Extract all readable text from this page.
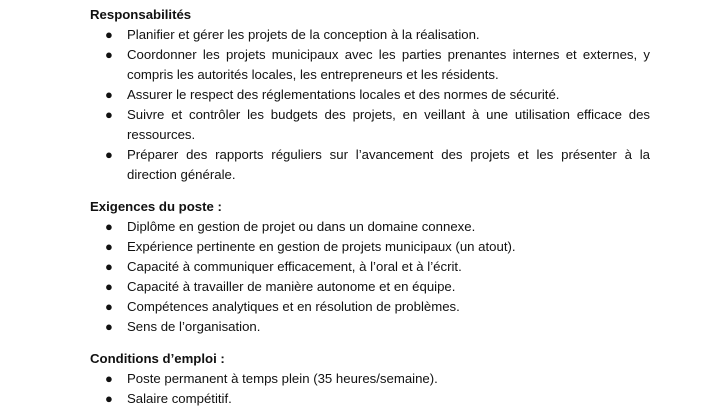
Responsabilités
● Planifier et gérer les projets de la conception à la réalisation.
● Coordonner les projets municipaux avec les parties prenantes internes et externes, y compris les autorités locales, les entrepreneurs et les résidents.
● Assurer le respect des réglementations locales et des normes de sécurité.
● Suivre et contrôler les budgets des projets, en veillant à une utilisation efficace des ressources.
● Préparer des rapports réguliers sur l’avancement des projets et les présenter à la direction générale.
Exigences du poste :
● Diplôme en gestion de projet ou dans un domaine connexe.
● Expérience pertinente en gestion de projets municipaux (un atout).
● Capacité à communiquer efficacement, à l’oral et à l’écrit.
● Capacité à travailler de manière autonome et en équipe.
● Compétences analytiques et en résolution de problèmes.
● Sens de l’organisation.
Conditions d’emploi :
● Poste permanent à temps plein (35 heures/semaine).
● Salaire compétitif.
